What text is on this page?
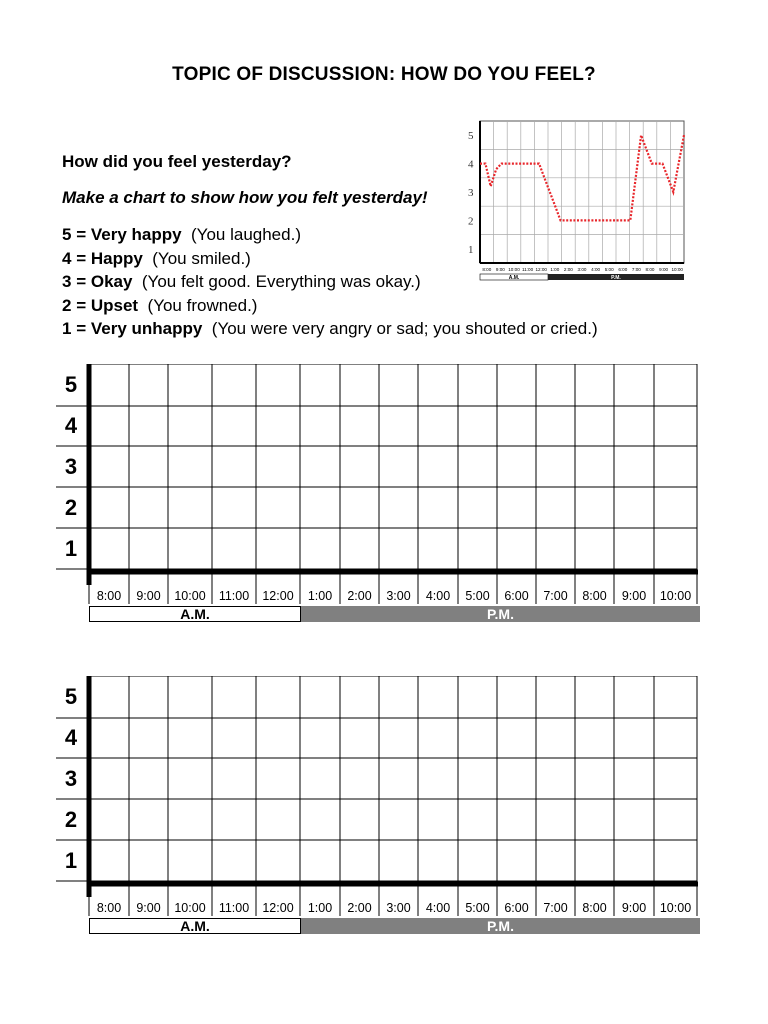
TOPIC OF DISCUSSION: HOW DO YOU FEEL?
How did you feel yesterday?
Make a chart to show how you felt yesterday!
5 = Very happy (You laughed.)
4 = Happy (You smiled.)
3 = Okay (You felt good. Everything was okay.)
2 = Upset (You frowned.)
1 = Very unhappy (You were very angry or sad; you shouted or cried.)
5
4
3
2
1
8:00 9:00 10:00 11:00 12:00 1:00 2:00 3:00 4:00 5:00 6:00 7:00 8:00 9:00 10:00
A.M.	P.M.
5
4
3
2
1
8:00	9:00	10:00	11:00	12:00	1:00	2:00	3:00	4:00	5:00	6:00	7:00	8:00	9:00	10:00
A.M.	P.M.
5
4
3
2
1
8:00	9:00	10:00	11:00	12:00	1:00	2:00	3:00	4:00	5:00	6:00	7:00	8:00	9:00	10:00
A.M.	P.M.
